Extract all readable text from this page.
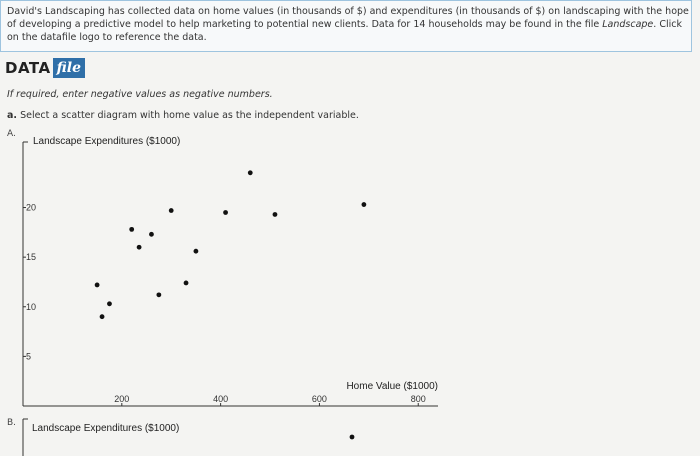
David's Landscaping has collected data on home values (in thousands of $) and expenditures (in thousands of $) on landscaping with the hope of developing a predictive model to help marketing to potential new clients. Data for 14 households may be found in the file Landscape. Click on the datafile logo to reference the data.
DATA file
If required, enter negative values as negative numbers.
a. Select a scatter diagram with home value as the independent variable.
A.
B.
Landscape Expenditures ($1000)
Home Value ($1000)
5
10
15
20
200	400	600	800
Landscape Expenditures ($1000)
